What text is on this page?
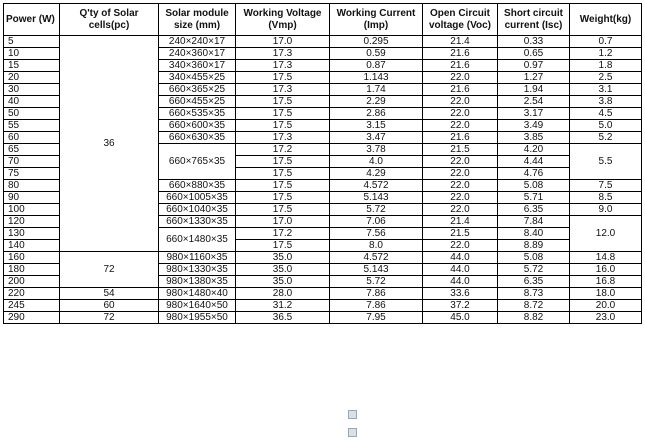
Power (W)	Q'ty of Solar cells(pc)	Solar module size (mm)	Working Voltage (Vmp)	Working Current (Imp)	Open Circuit voltage (Voc)	Short circuit current (Isc)	Weight(kg)
5	36	240×240×17	17.0	0.295	21.4	0.33	0.7
10		240×360×17	17.3	0.59	21.6	0.65	1.2
15		340×360×17	17.3	0.87	21.6	0.97	1.8
20		340×455×25	17.5	1.143	22.0	1.27	2.5
30		660×365×25	17.3	1.74	21.6	1.94	3.1
40		660×455×25	17.5	2.29	22.0	2.54	3.8
50		660×535×35	17.5	2.86	22.0	3.17	4.5
55		660×600×35	17.5	3.15	22.0	3.49	5.0
60		660×630×35	17.3	3.47	21.6	3.85	5.2
65		660×765×35	17.2	3.78	21.5	4.20	5.5
70			17.5	4.0	22.0	4.44	
75			17.5	4.29	22.0	4.76	
80		660×880×35	17.5	4.572	22.0	5.08	7.5
90		660×1005×35	17.5	5.143	22.0	5.71	8.5
100		660×1040×35	17.5	5.72	22.0	6.35	9.0
120		660×1330×35	17.0	7.06	21.4	7.84	12.0
130		660×1480×35	17.2	7.56	21.5	8.40	
140			17.5	8.0	22.0	8.89	
160	72	980×1160×35	35.0	4.572	44.0	5.08	14.8
180		980×1330×35	35.0	5.143	44.0	5.72	16.0
200		980×1380×35	35.0	5.72	44.0	6.35	16.8
220	54	980×1480×40	28.0	7.86	33.6	8.73	18.0
245	60	980×1640×50	31.2	7.86	37.2	8.72	20.0
290	72	980×1955×50	36.5	7.95	45.0	8.82	23.0
